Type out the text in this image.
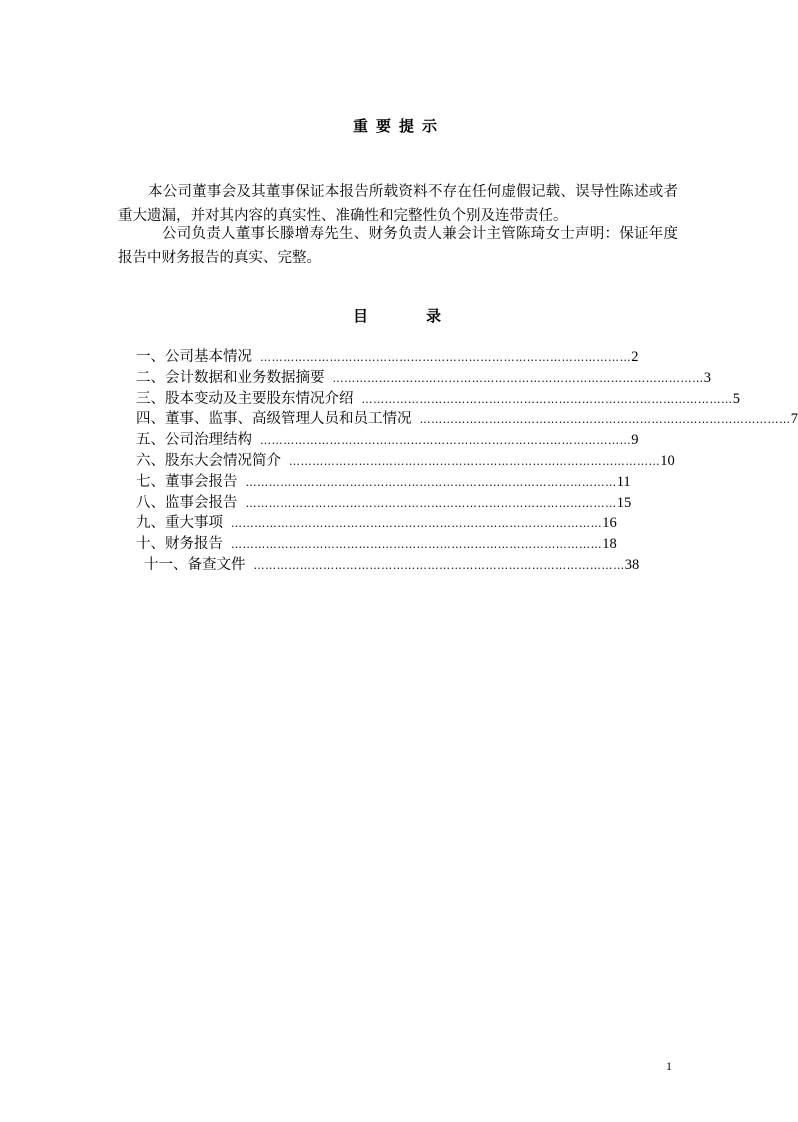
重要提示
本公司董事会及其董事保证本报告所载资料不存在任何虚假记载、误导性陈述或者重大遗漏，并对其内容的真实性、准确性和完整性负个别及连带责任。
公司负责人董事长滕增寿先生、财务负责人兼会计主管陈琦女士声明：保证年度报告中财务报告的真实、完整。
目	录
一、公司基本情况 …………………………………………………………………………………… 2
二、会计数据和业务数据摘要 …………………………………………………………………………………… 3
三、股本变动及主要股东情况介绍 …………………………………………………………………………………… 5
四、董事、监事、高级管理人员和员工情况 …………………………………………………………………………………… 7
五、公司治理结构 …………………………………………………………………………………… 9
六、股东大会情况简介 …………………………………………………………………………………… 10
七、董事会报告 …………………………………………………………………………………… 11
八、监事会报告 …………………………………………………………………………………… 15
九、重大事项 …………………………………………………………………………………… 16
十、财务报告 …………………………………………………………………………………… 18
十一、备查文件 …………………………………………………………………………………… 38
1
